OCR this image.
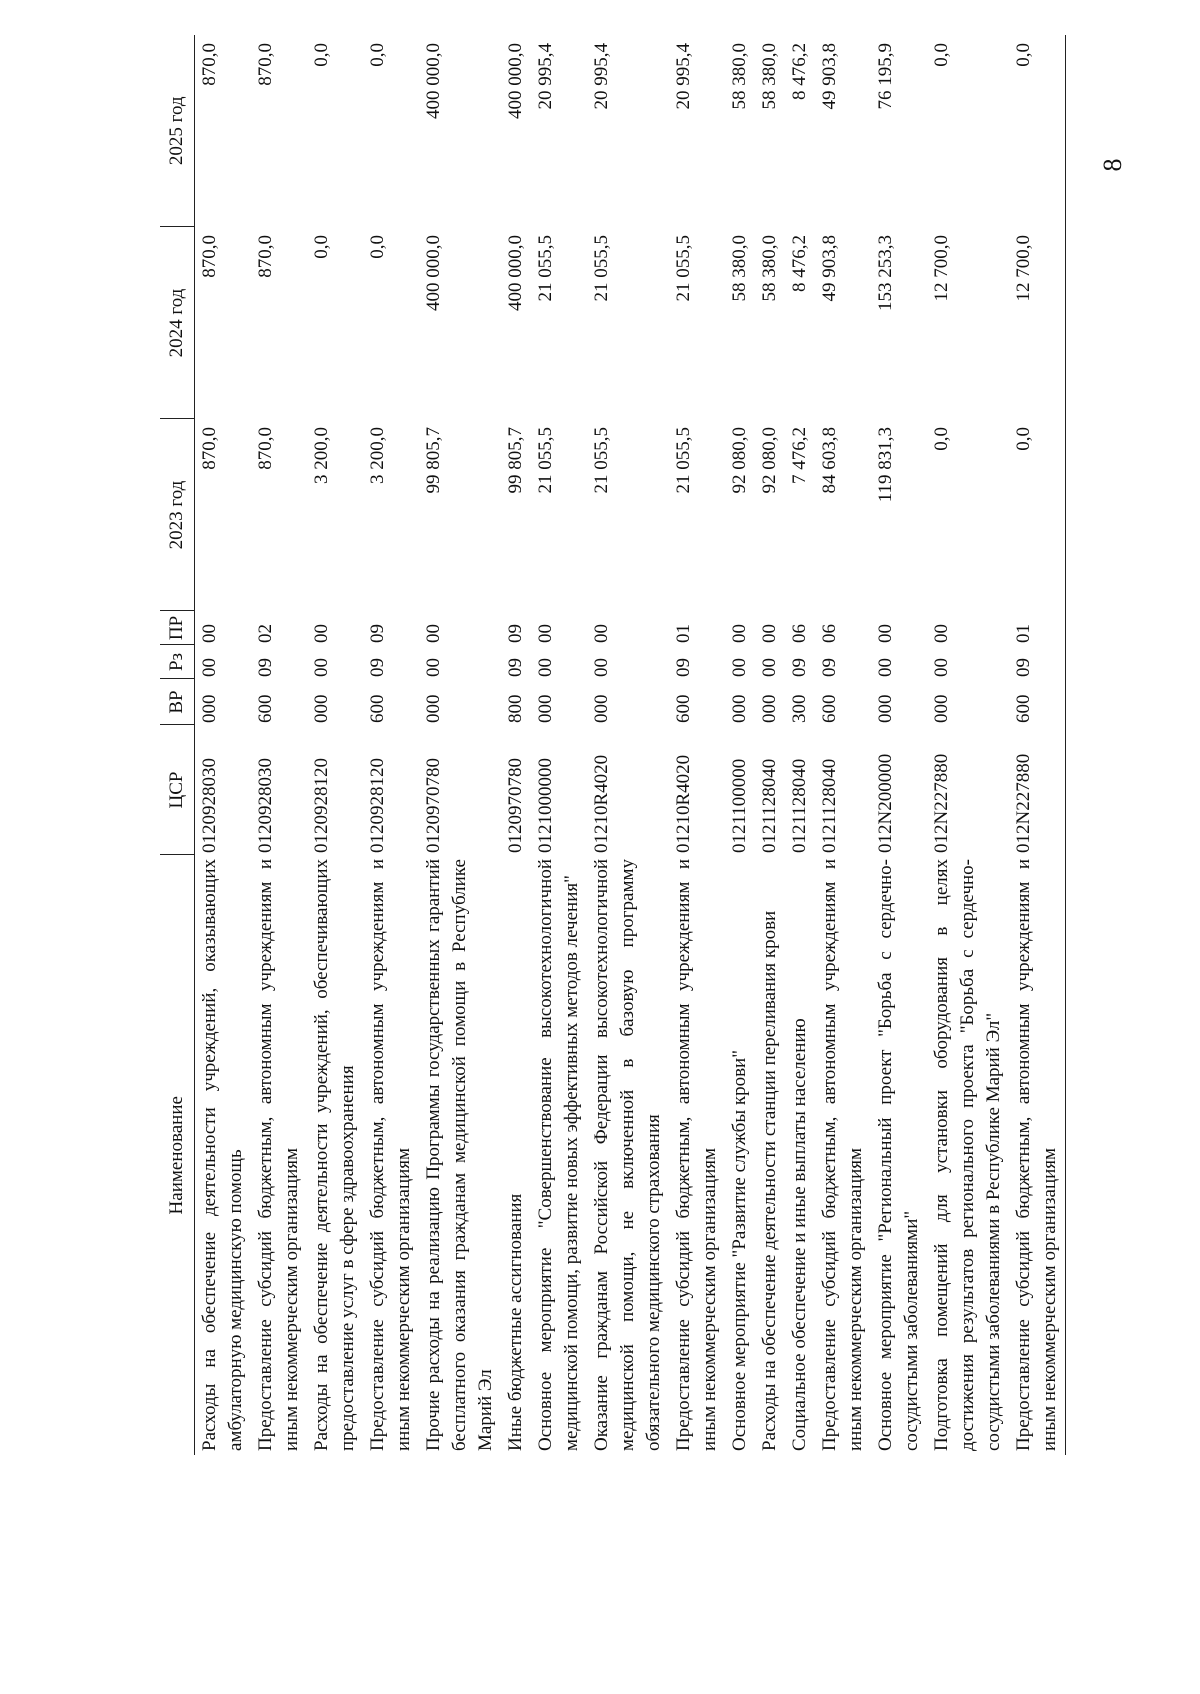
8
Наименование	ЦСР	ВР	Рз	ПР	2023 год	2024 год	2025 год
Расходы на обеспечение деятельности учреждений, оказывающих амбулаторную медицинскую помощь	0120928030	000	00	00	870,0	870,0	870,0
Предоставление субсидий бюджетным, автономным учреждениям и иным некоммерческим организациям	0120928030	600	09	02	870,0	870,0	870,0
Расходы на обеспечение деятельности учреждений, обеспечивающих предоставление услуг в сфере здравоохранения	0120928120	000	00	00	3 200,0	0,0	0,0
Предоставление субсидий бюджетным, автономным учреждениям и иным некоммерческим организациям	0120928120	600	09	09	3 200,0	0,0	0,0
Прочие расходы на реализацию Программы государственных гарантий бесплатного оказания гражданам медицинской помощи в Республике Марий Эл	0120970780	000	00	00	99 805,7	400 000,0	400 000,0
Иные бюджетные ассигнования	0120970780	800	09	09	99 805,7	400 000,0	400 000,0
Основное мероприятие "Совершенствование высокотехнологичной медицинской помощи, развитие новых эффективных методов лечения"	0121000000	000	00	00	21 055,5	21 055,5	20 995,4
Оказание гражданам Российской Федерации высокотехнологичной медицинской помощи, не включенной в базовую программу обязательного медицинского страхования	01210R4020	000	00	00	21 055,5	21 055,5	20 995,4
Предоставление субсидий бюджетным, автономным учреждениям и иным некоммерческим организациям	01210R4020	600	09	01	21 055,5	21 055,5	20 995,4
Основное мероприятие "Развитие службы крови"	0121100000	000	00	00	92 080,0	58 380,0	58 380,0
Расходы на обеспечение деятельности станции переливания крови	0121128040	000	00	00	92 080,0	58 380,0	58 380,0
Социальное обеспечение и иные выплаты населению	0121128040	300	09	06	7 476,2	8 476,2	8 476,2
Предоставление субсидий бюджетным, автономным учреждениям и иным некоммерческим организациям	0121128040	600	09	06	84 603,8	49 903,8	49 903,8
Основное мероприятие "Региональный проект "Борьба с сердечно-сосудистыми заболеваниями"	012N200000	000	00	00	119 831,3	153 253,3	76 195,9
Подготовка помещений для установки оборудования в целях достижения результатов регионального проекта "Борьба с сердечно-сосудистыми заболеваниями в Республике Марий Эл"	012N227880	000	00	00	0,0	12 700,0	0,0
Предоставление субсидий бюджетным, автономным учреждениям и иным некоммерческим организациям	012N227880	600	09	01	0,0	12 700,0	0,0
